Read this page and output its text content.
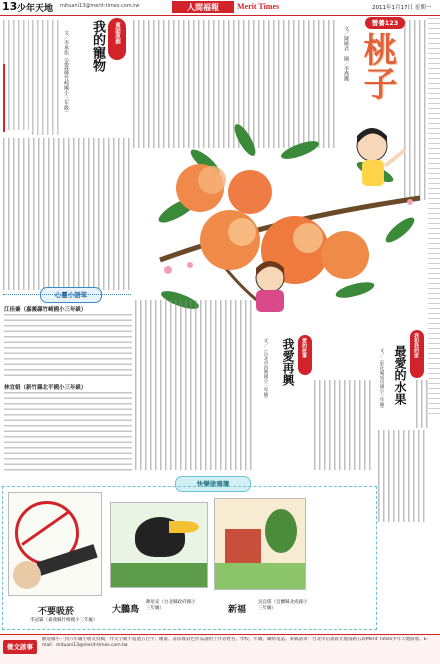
13 少年天地 mituani13@merit-times.com.tw	人間福報	Merit Times	2011年1月17日 星期一
文／李承佑（嘉義縣竹崎國小三年級） 我的寵物	童話原創	文／陳曉君　圖／李喬鷹
營養123
桃子
心靈小語笨
江佳蓁（嘉義縣竹崎國小三年級）
林宜娟（新竹縣北平國小三年級）
我愛再興
文／（台北市再興國小三年級）	愛的故事	我和我的家
最愛的水果
文／（彰化縣成功國小三年級）
快樂塗鴉簿
不要吸菸
李冠霖（嘉義縣竹崎國小三年級）
大鵬鳥
陳星安（台北縣政府國小三年級）	新福
吳宜儒（宜蘭縣北成國小三年級）
徵文啟事
歡迎國小一到六年級小朋友投稿，作文字數不超過五百字；繪畫、書法或彩色作品請附上作者姓名、學校、年級、聯絡電話。來稿請寄：台北市信義區光復南路五段Merit Times少年天地版收。E-mail：mituani13@merit-times.com.tw
